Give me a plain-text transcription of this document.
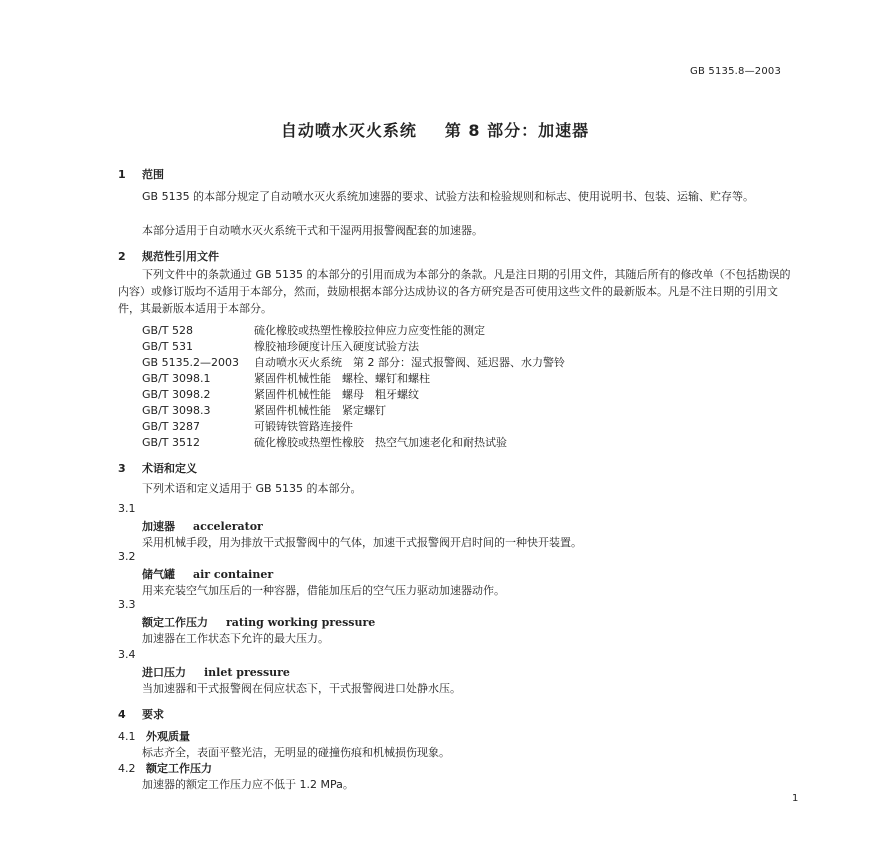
GB 5135.8—2003
自动喷水灭火系统 第 8 部分：加速器
1 范围
GB 5135 的本部分规定了自动喷水灭火系统加速器的要求、试验方法和检验规则和标志、使用说明书、包装、运输、贮存等。
本部分适用于自动喷水灭火系统干式和干湿两用报警阀配套的加速器。
2 规范性引用文件
下列文件中的条款通过 GB 5135 的本部分的引用而成为本部分的条款。凡是注日期的引用文件，其随后所有的修改单（不包括勘误的内容）或修订版均不适用于本部分，然而，鼓励根据本部分达成协议的各方研究是否可使用这些文件的最新版本。凡是不注日期的引用文件，其最新版本适用于本部分。
GB/T 528	硫化橡胶或热塑性橡胶拉伸应力应变性能的测定
GB/T 531	橡胶袖珍硬度计压入硬度试验方法
GB 5135.2—2003 自动喷水灭火系统　第 2 部分：湿式报警阀、延迟器、水力警铃
GB/T 3098.1	紧固件机械性能　螺栓、螺钉和螺柱
GB/T 3098.2	紧固件机械性能　螺母　粗牙螺纹
GB/T 3098.3	紧固件机械性能　紧定螺钉
GB/T 3287	可锻铸铁管路连接件
GB/T 3512	硫化橡胶或热塑性橡胶　热空气加速老化和耐热试验
3 术语和定义
下列术语和定义适用于 GB 5135 的本部分。
3.1
加速器 accelerator
采用机械手段，用为排放干式报警阀中的气体，加速干式报警阀开启时间的一种快开装置。
3.2
储气罐 air container
用来充装空气加压后的一种容器，借能加压后的空气压力驱动加速器动作。
3.3
额定工作压力 rating working pressure
加速器在工作状态下允许的最大压力。
3.4
进口压力 inlet pressure
当加速器和干式报警阀在伺应状态下，干式报警阀进口处静水压。
4 要求
4.1 外观质量
标志齐全，表面平整光洁，无明显的碰撞伤痕和机械损伤现象。
4.2 额定工作压力
加速器的额定工作压力应不低于 1.2 MPa。
1
